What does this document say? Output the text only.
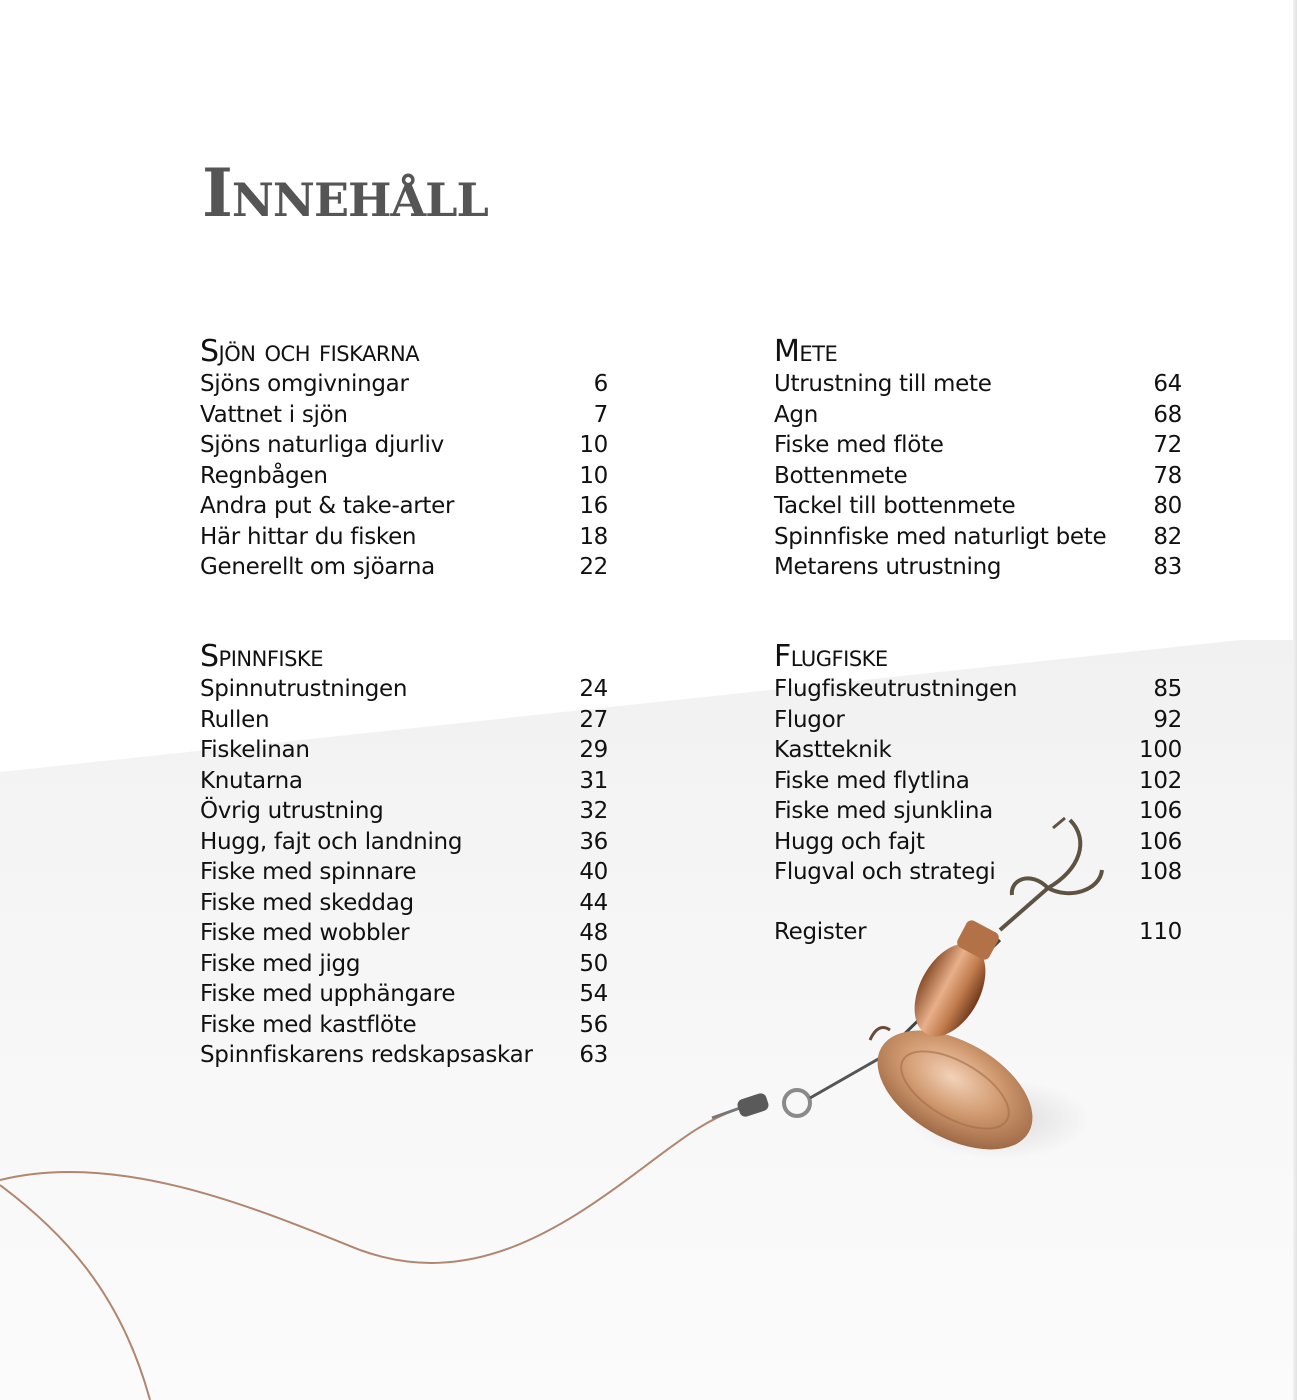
Innehåll
Sjön och fiskarna
Sjöns omgivningar	6
Vattnet i sjön	7
Sjöns naturliga djurliv	10
Regnbågen	10
Andra put & take-arter	16
Här hittar du fisken	18
Generellt om sjöarna	22
Spinnfiske
Spinnutrustningen	24
Rullen	27
Fiskelinan	29
Knutarna	31
Övrig utrustning	32
Hugg, fajt och landning	36
Fiske med spinnare	40
Fiske med skeddag	44
Fiske med wobbler	48
Fiske med jigg	50
Fiske med upphängare	54
Fiske med kastflöte	56
Spinnfiskarens redskapsaskar 63
Mete
Utrustning till mete	64
Agn	68
Fiske med flöte	72
Bottenmete	78
Tackel till bottenmete	80
Spinnfiske med naturligt bete 82
Metarens utrustning	83
Flugfiske
Flugfiskeutrustningen	85
Flugor	92
Kastteknik	100
Fiske med flytlina	102
Fiske med sjunklina	106
Hugg och fajt	106
Flugval och strategi	108
Register	110
